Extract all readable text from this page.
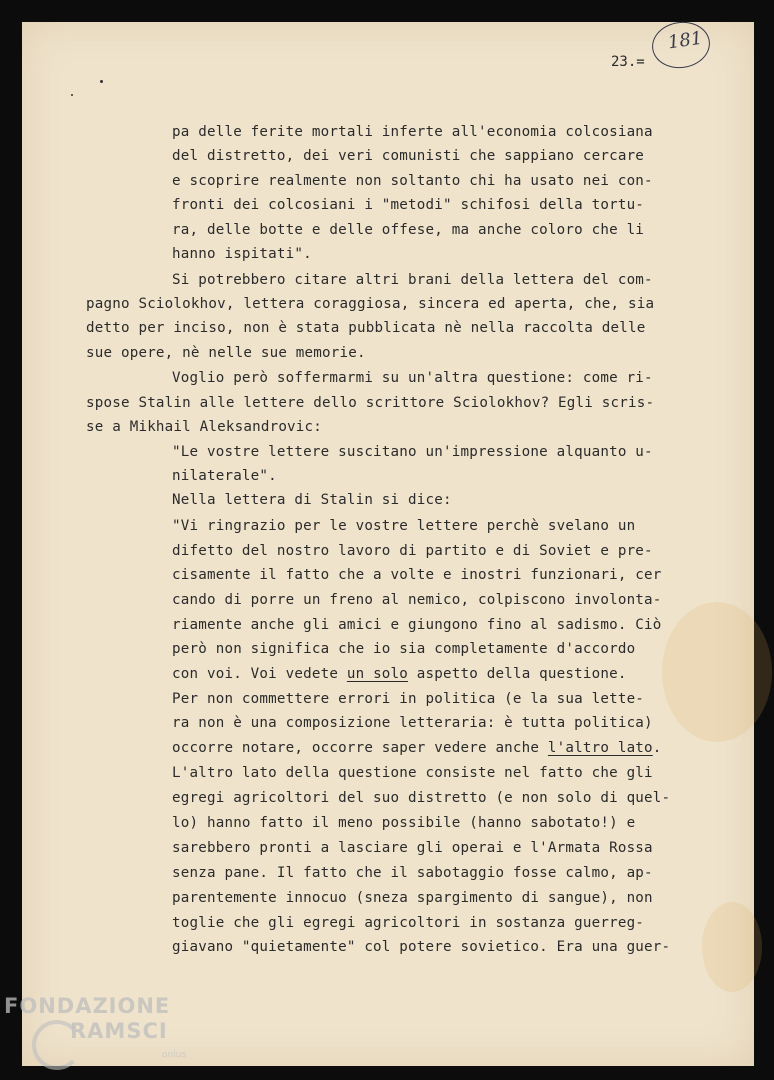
23.=
181
pa delle ferite mortali inferte all'economia colcosiana
del distretto, dei veri comunisti che sappiano cercare
e scoprire realmente non soltanto chi ha usato nei con-
fronti dei colcosiani i "metodi" schifosi della tortu-
ra, delle botte e delle offese, ma anche coloro che li
hanno ispitati".
Si potrebbero citare altri brani della lettera del com-
pagno Sciolokhov, lettera coraggiosa, sincera ed aperta, che, sia
detto per inciso, non è stata pubblicata nè nella raccolta delle
sue opere, nè nelle sue memorie.
Voglio però soffermarmi su un'altra questione: come ri-
spose Stalin alle lettere dello scrittore Sciolokhov? Egli scris-
se a Mikhail Aleksandrovic:
"Le vostre lettere suscitano un'impressione alquanto u-
nilaterale".
Nella lettera di Stalin si dice:
"Vi ringrazio per le vostre lettere perchè svelano un
difetto del nostro lavoro di partito e di Soviet e pre-
cisamente il fatto che a volte e inostri funzionari, cer
cando di porre un freno al nemico, colpiscono involonta-
riamente anche gli amici e giungono fino al sadismo. Ciò
però non significa che io sia completamente d'accordo
con voi. Voi vedete un solo aspetto della questione.
Per non commettere errori in politica (e la sua lette-
ra non è una composizione letteraria: è tutta politica)
occorre notare, occorre saper vedere anche l'altro lato.
L'altro lato della questione consiste nel fatto che gli
egregi agricoltori del suo distretto (e non solo di quel-
lo) hanno fatto il meno possibile (hanno sabotato!) e
sarebbero pronti a lasciare gli operai e l'Armata Rossa
senza pane. Il fatto che il sabotaggio fosse calmo, ap-
parentemente innocuo (sneza spargimento di sangue), non
toglie che gli egregi agricoltori in sostanza guerreg-
giavano "quietamente" col potere sovietico. Era una guer-
FONDAZIONE
RAMSCI
onlus
